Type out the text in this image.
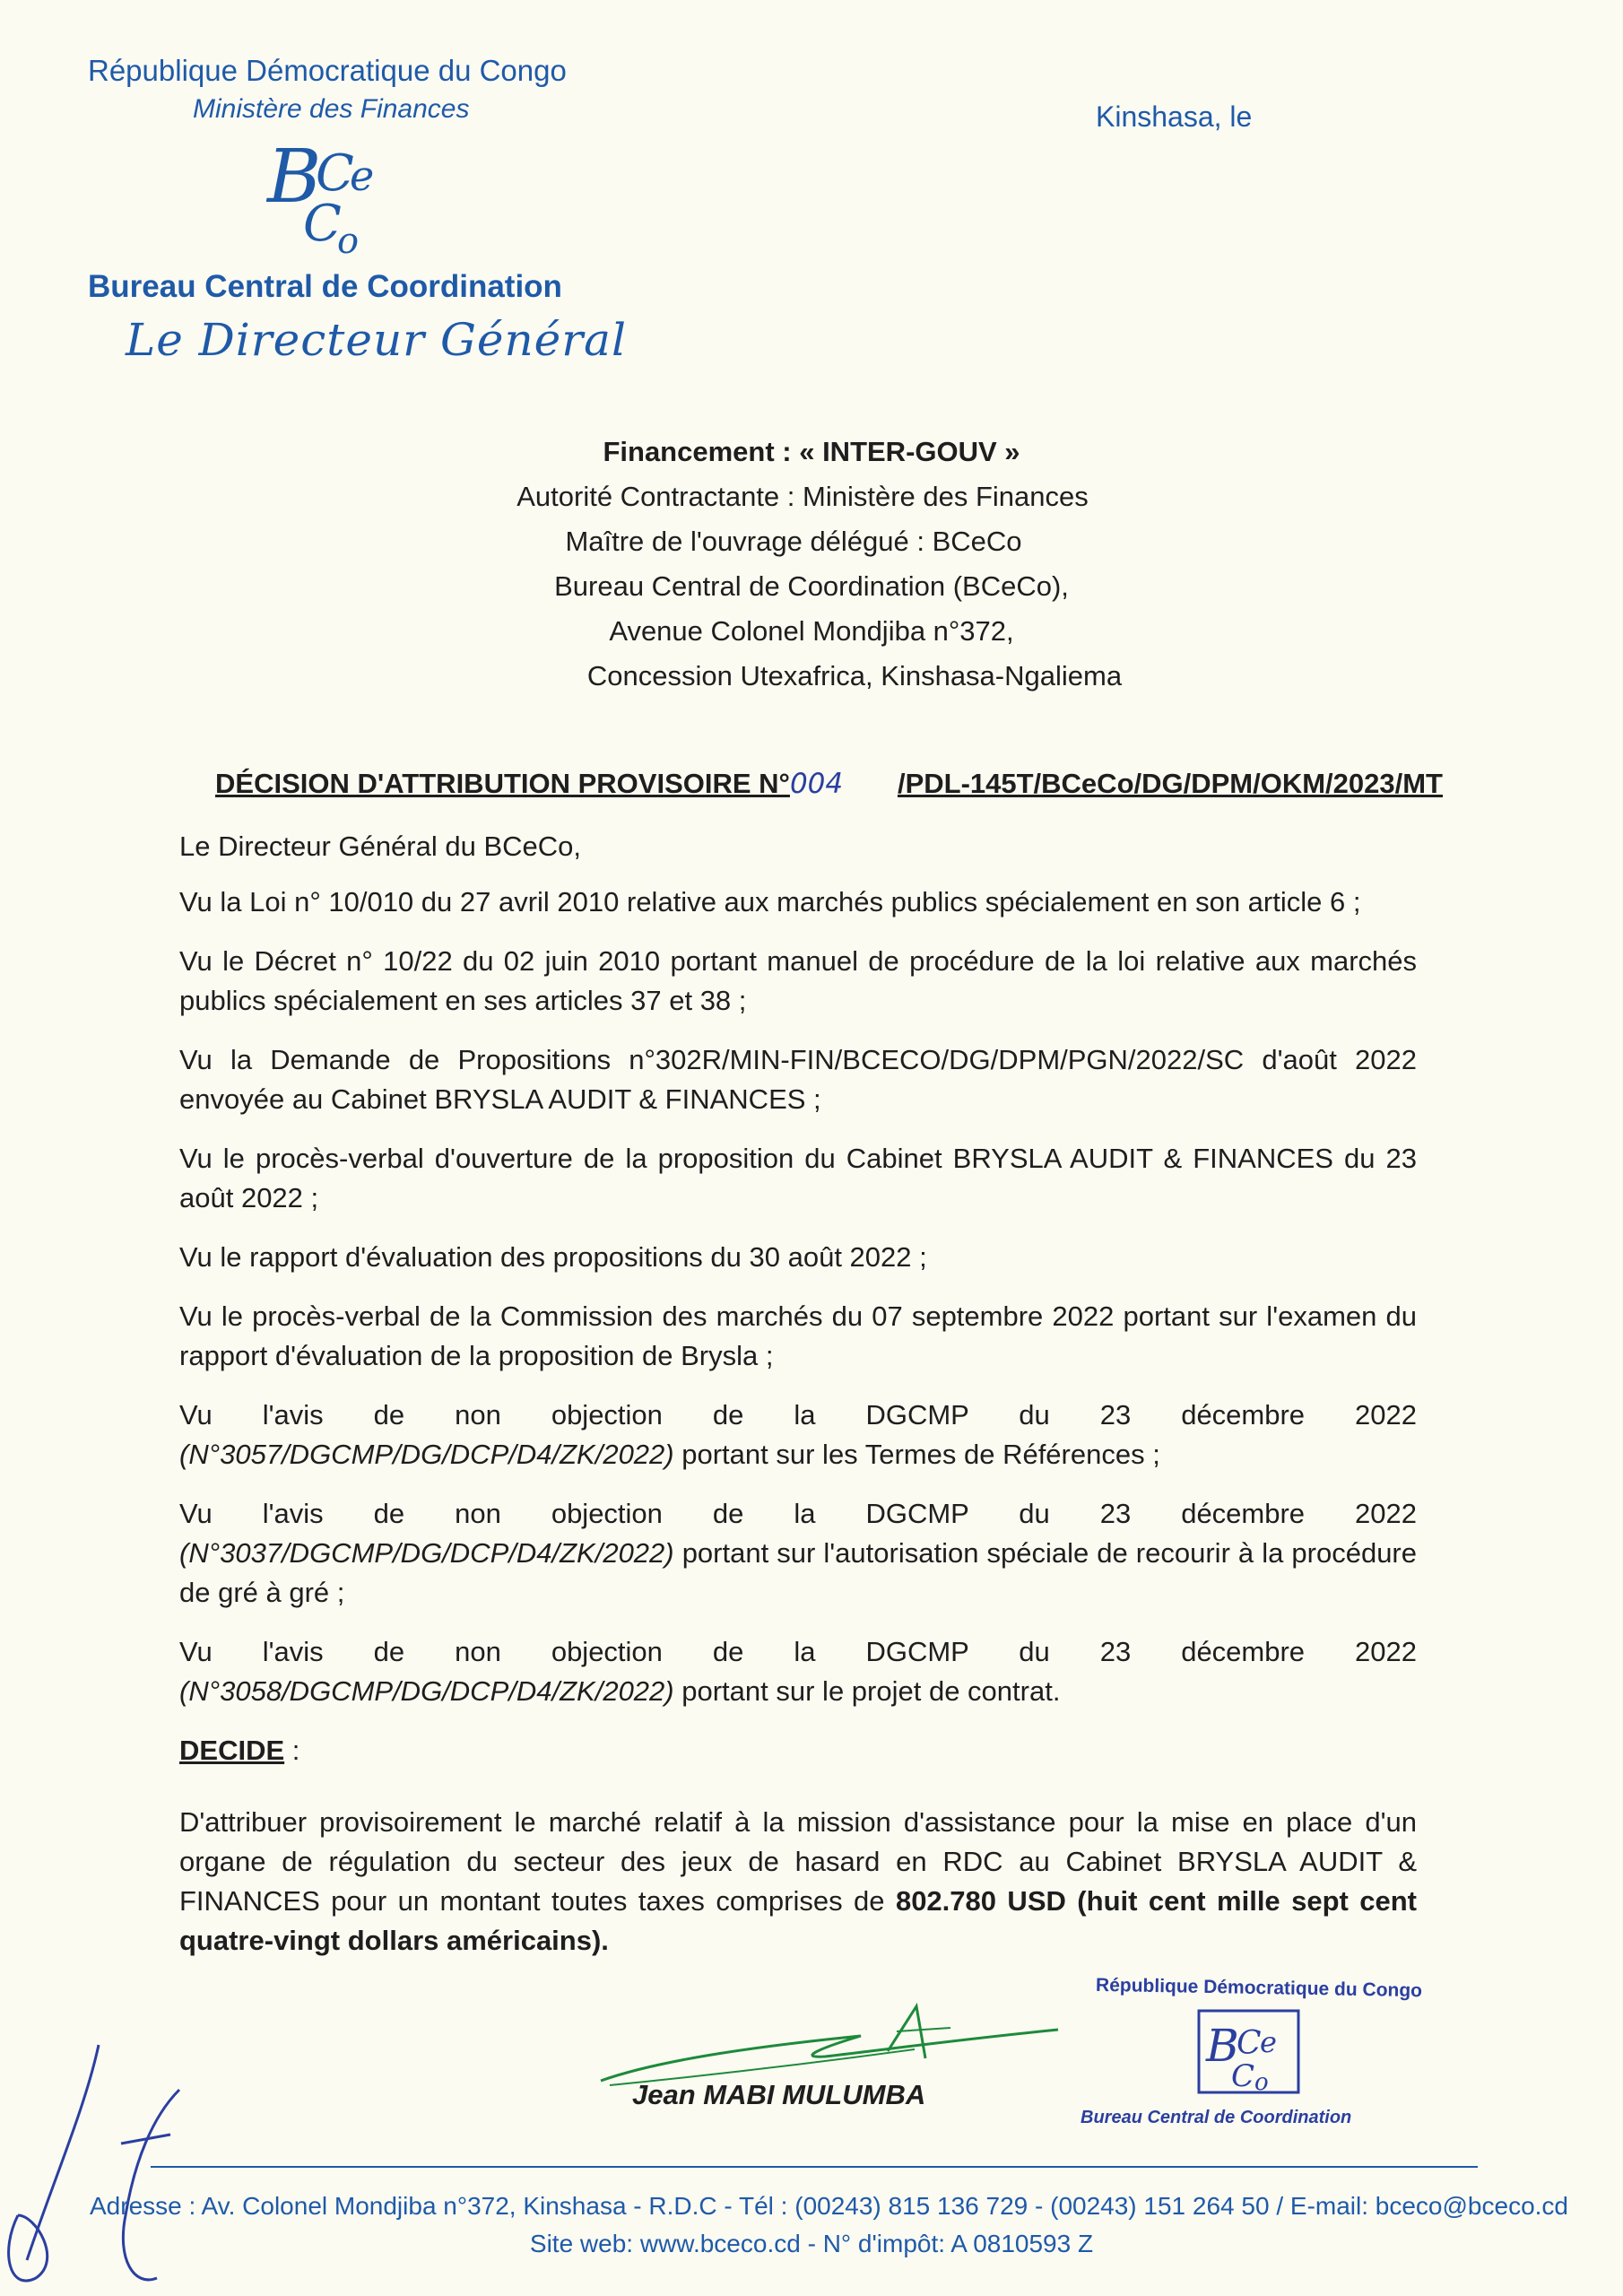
République Démocratique du Congo
Ministère des Finances	Kinshasa, le
B
C
e
C
o
Bureau Central de Coordination
Le Directeur Général
Financement : « INTER-GOUV »
Autorité Contractante : Ministère des Finances
Maître de l'ouvrage délégué : BCeCo
Bureau Central de Coordination (BCeCo),
Avenue Colonel Mondjiba n°372,
Concession Utexafrica, Kinshasa-Ngaliema
DÉCISION D'ATTRIBUTION PROVISOIRE N°004 /PDL-145T/BCeCo/DG/DPM/OKM/2023/MT

Le Directeur Général du BCeCo,

Vu la Loi n° 10/010 du 27 avril 2010 relative aux marchés publics spécialement en son article 6 ;

Vu le Décret n° 10/22 du 02 juin 2010 portant manuel de procédure de la loi relative aux marchés publics spécialement en ses articles 37 et 38 ;

Vu la Demande de Propositions n°302R/MIN-FIN/BCECO/DG/DPM/PGN/2022/SC d'août 2022 envoyée au Cabinet BRYSLA AUDIT & FINANCES ;

Vu le procès-verbal d'ouverture de la proposition du Cabinet BRYSLA AUDIT & FINANCES du 23 août 2022 ;

Vu le rapport d'évaluation des propositions du 30 août 2022 ;

Vu le procès-verbal de la Commission des marchés du 07 septembre 2022 portant sur l'examen du rapport d'évaluation de la proposition de Brysla ;

Vu l'avis de non objection de la DGCMP du 23 décembre 2022 (N°3057/DGCMP/DG/DCP/D4/ZK/2022) portant sur les Termes de Références ;

Vu l'avis de non objection de la DGCMP du 23 décembre 2022 (N°3037/DGCMP/DG/DCP/D4/ZK/2022) portant sur l'autorisation spéciale de recourir à la procédure de gré à gré ;

Vu l'avis de non objection de la DGCMP du 23 décembre 2022 (N°3058/DGCMP/DG/DCP/D4/ZK/2022) portant sur le projet de contrat.

DECIDE :

D'attribuer provisoirement le marché relatif à la mission d'assistance pour la mise en place d'un organe de régulation du secteur des jeux de hasard en RDC au Cabinet BRYSLA AUDIT & FINANCES pour un montant toutes taxes comprises de 802.780 USD (huit cent mille sept cent quatre-vingt dollars américains).

Jean MABI MULUMBA
République Démocratique du Congo
B
C
e
C o
Bureau Central de Coordination
Adresse : Av. Colonel Mondjiba n°372, Kinshasa - R.D.C - Tél : (00243) 815 136 729 - (00243) 151 264 50 / E-mail: bceco@bceco.cd
Site web: www.bceco.cd - N° d'impôt: A 0810593 Z
